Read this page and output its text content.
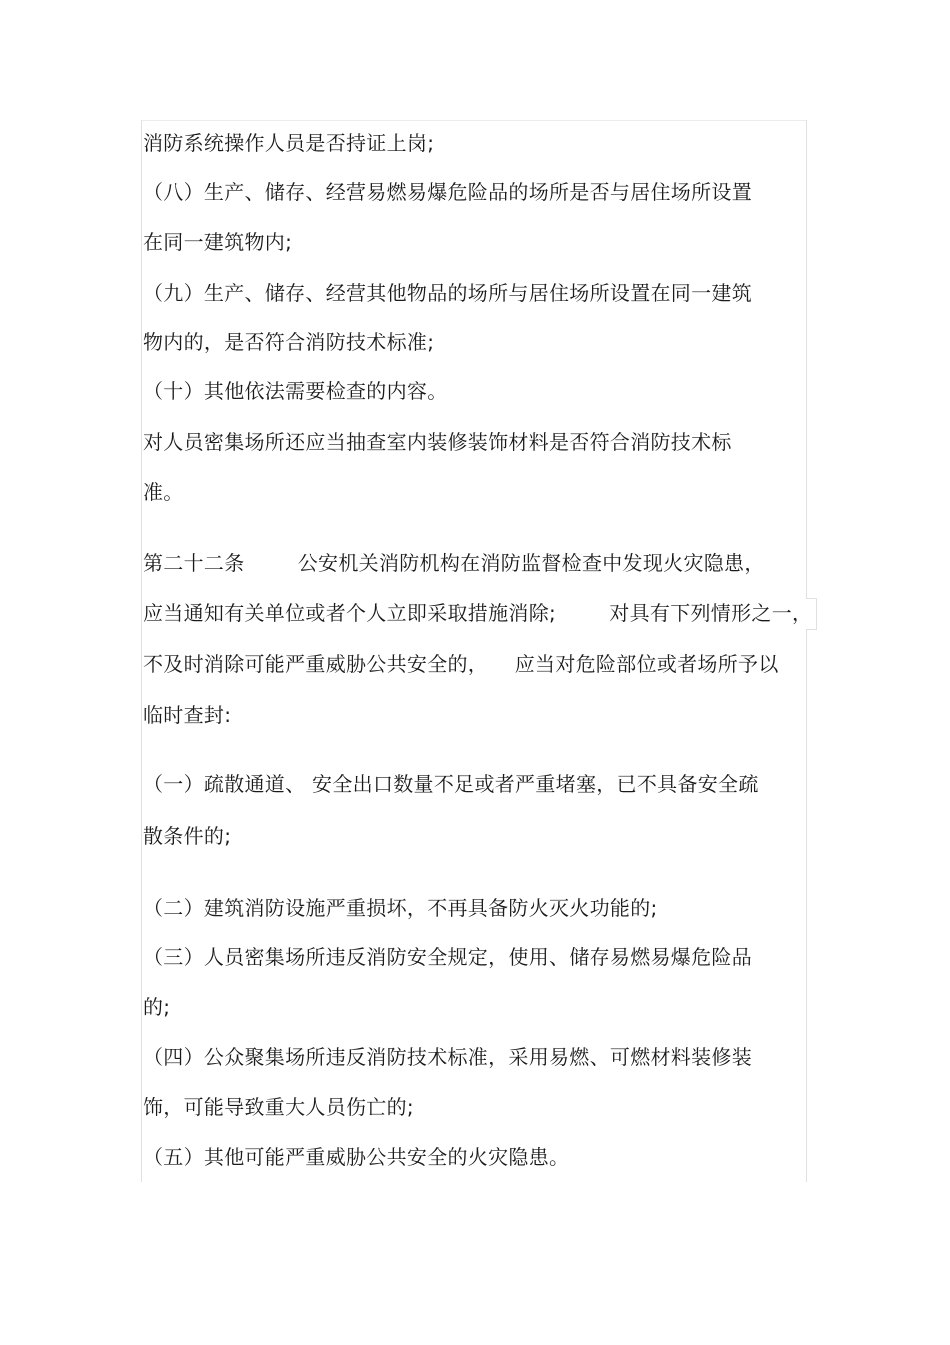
消防系统操作人员是否持证上岗;
（八）生产、储存、经营易燃易爆危险品的场所是否与居住场所设置
在同一建筑物内;
（九）生产、储存、经营其他物品的场所与居住场所设置在同一建筑
物内的，是否符合消防技术标准;
（十）其他依法需要检查的内容。
对人员密集场所还应当抽查室内装修装饰材料是否符合消防技术标
准。
第二十二条        公安机关消防机构在消防监督检查中发现火灾隐患，
应当通知有关单位或者个人立即采取措施消除;        对具有下列情形之一，
不及时消除可能严重威胁公共安全的，    应当对危险部位或者场所予以
临时查封:
（一）疏散通道、 安全出口数量不足或者严重堵塞，已不具备安全疏
散条件的;
（二）建筑消防设施严重损坏，不再具备防火灭火功能的;
（三）人员密集场所违反消防安全规定，使用、储存易燃易爆危险品
的;
（四）公众聚集场所违反消防技术标准，采用易燃、可燃材料装修装
饰，可能导致重大人员伤亡的;
（五）其他可能严重威胁公共安全的火灾隐患。
